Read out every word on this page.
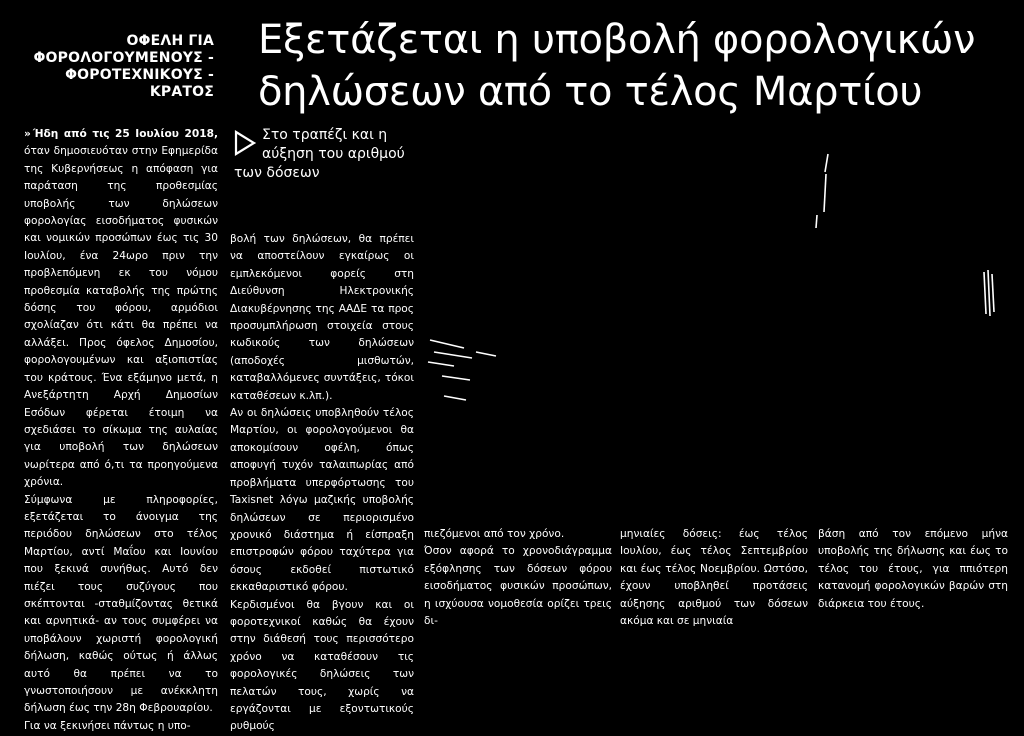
ΟΦΕΛΗ ΓΙΑ
ΦΟΡΟΛΟΓΟΥΜΕΝΟΥΣ -
ΦΟΡΟΤΕΧΝΙΚΟΥΣ -
ΚΡΑΤΟΣ
Εξετάζεται η υποβολή φορολογικών
δηλώσεων από το τέλος Μαρτίου
Στο τραπέζι και η
αύξηση του αριθμού
των δόσεων

» Ήδη από τις 25 Ιουλίου 2018, όταν δημοσιευόταν στην Εφημερίδα της Κυβερνήσεως η απόφαση για παράταση της προθεσμίας υποβολής των δηλώσεων φορολογίας εισοδήματος φυσικών και νομικών προσώπων έως τις 30 Ιουλίου, ένα 24ωρο πριν την προβλεπόμενη εκ του νόμου προθεσμία καταβολής της πρώτης δόσης του φόρου, αρμόδιοι σχολίαζαν ότι κάτι θα πρέπει να αλλάξει. Προς όφελος Δημοσίου, φορολογουμένων και αξιοπιστίας του κράτους. Ένα εξάμηνο μετά, η Ανεξάρτητη Αρχή Δημοσίων Εσόδων φέρεται έτοιμη να σχεδιάσει το σίκωμα της αυλαίας για υποβολή των δηλώσεων νωρίτερα από ό,τι τα προηγούμενα χρόνια.

Σύμφωνα με πληροφορίες, εξετάζεται το άνοιγμα της περιόδου δηλώσεων στο τέλος Μαρτίου, αντί Μαΐου και Ιουνίου που ξεκινά συνήθως. Αυτό δεν πιέζει τους συζύγους που σκέπτονται -σταθμίζοντας θετικά και αρνητικά- αν τους συμφέρει να υποβάλουν χωριστή φορολογική δήλωση, καθώς ούτως ή άλλως αυτό θα πρέπει να το γνωστοποιήσουν με ανέκκλητη δήλωση έως την 28η Φεβρουαρίου.

Για να ξεκινήσει πάντως η υπο-

βολή των δηλώσεων, θα πρέπει να αποστείλουν εγκαίρως οι εμπλεκόμενοι φορείς στη Διεύθυνση Ηλεκτρονικής Διακυβέρνησης της ΑΑΔΕ τα προς προσυμπλήρωση στοιχεία στους κωδικούς των δηλώσεων (αποδοχές μισθωτών, καταβαλλόμενες συντάξεις, τόκοι καταθέσεων κ.λπ.).

Αν οι δηλώσεις υποβληθούν τέλος Μαρτίου, οι φορολογούμενοι θα αποκομίσουν οφέλη, όπως αποφυγή τυχόν ταλαιπωρίας από προβλήματα υπερφόρτωσης του Taxisnet λόγω μαζικής υποβολής δηλώσεων σε περιορισμένο χρονικό διάστημα ή είσπραξη επιστροφών φόρου ταχύτερα για όσους εκδοθεί πιστωτικό εκκαθαριστικό φόρου.

Κερδισμένοι θα βγουν και οι φοροτεχνικοί καθώς θα έχουν στην διάθεσή τους περισσότερο χρόνο να καταθέσουν τις φορολογικές δηλώσεις των πελατών τους, χωρίς να εργάζονται με εξοντωτικούς ρυθμούς

πιεζόμενοι από τον χρόνο.

Όσον αφορά το χρονοδιάγραμμα εξόφλησης των δόσεων φόρου εισοδήματος φυσικών προσώπων, η ισχύουσα νομοθεσία ορίζει τρεις δι-

μηνιαίες δόσεις: έως τέλος Ιουλίου, έως τέλος Σεπτεμβρίου και έως τέλος Νοεμβρίου. Ωστόσο, έχουν υποβληθεί προτάσεις αύξησης αριθμού των δόσεων ακόμα και σε μηνιαία

βάση από τον επόμενο μήνα υποβολής της δήλωσης και έως το τέλος του έτους, για ππιότερη κατανομή φορολογικών βαρών στη διάρκεια του έτους.
